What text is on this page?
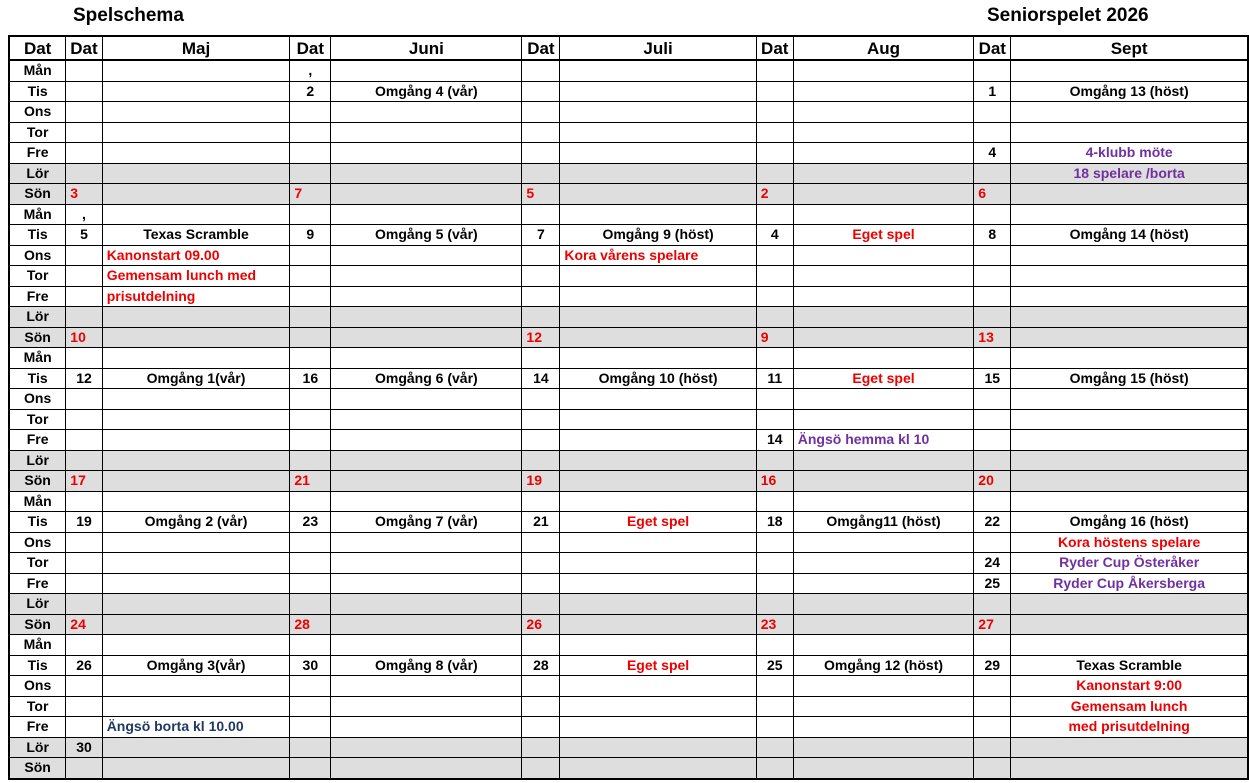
Spelschema	Seniorspelet 2026
Dat	Dat	Maj	Dat	Juni	Dat	Juli	Dat	Aug	Dat	Sept
Mån			,							
Tis			2	Omgång 4 (vår)					1	Omgång 13 (höst)
Ons										
Tor										
Fre									4	4-klubb möte
Lör										18 spelare /borta
Sön	3		7		5		2		6	
Mån	,									
Tis	5	Texas Scramble	9	Omgång 5 (vår)	7	Omgång 9 (höst)	4	Eget spel	8	Omgång 14 (höst)
Ons		Kanonstart 09.00				Kora vårens spelare				
Tor		Gemensam lunch med								
Fre		prisutdelning								
Lör										
Sön	10				12		9		13	
Mån										
Tis	12	Omgång 1(vår)	16	Omgång 6 (vår)	14	Omgång 10 (höst)	11	Eget spel	15	Omgång 15 (höst)
Ons										
Tor										
Fre							14	Ängsö hemma kl 10		
Lör										
Sön	17		21		19		16		20	
Mån										
Tis	19	Omgång 2 (vår)	23	Omgång 7 (vår)	21	Eget spel	18	Omgång11 (höst)	22	Omgång 16 (höst)
Ons										Kora höstens spelare
Tor									24	Ryder Cup Österåker
Fre									25	Ryder Cup Åkersberga
Lör										
Sön	24		28		26		23		27	
Mån										
Tis	26	Omgång 3(vår)	30	Omgång 8 (vår)	28	Eget spel	25	Omgång 12 (höst)	29	Texas Scramble
Ons										Kanonstart 9:00
Tor										Gemensam lunch
Fre		Ängsö borta kl 10.00								med prisutdelning
Lör	30									
Sön										
